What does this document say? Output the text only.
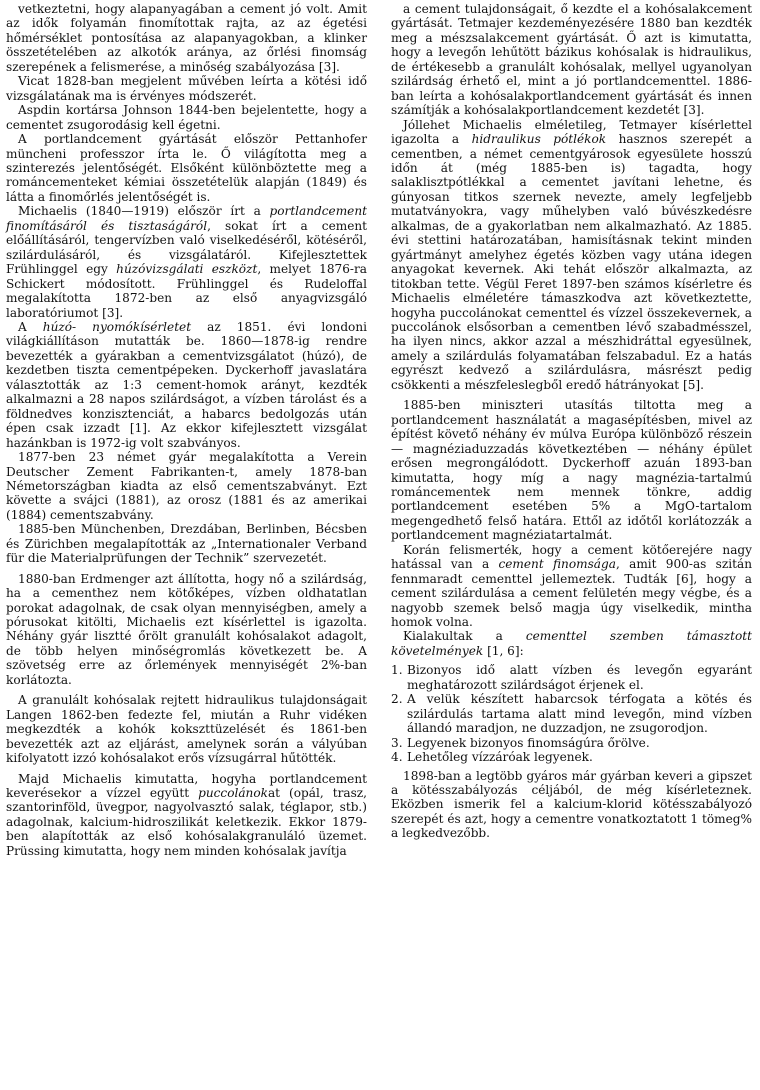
vetkeztetni, hogy alapanyagában a cement jó volt. Amit az idők folyamán finomítottak rajta, az az égetési hőmérséklet pontosítása az alapanyagokban, a klinker összetételében az alkotók aránya, az őrlési finomság szerepének a felismerése, a minőség szabályozása [3].

Vicat 1828-ban megjelent művében leírta a kötési idő vizsgálatának ma is érvényes módszerét.

Aspdin kortársa Johnson 1844-ben bejelentette, hogy a cementet zsugorodásig kell égetni.

A portlandcement gyártását először Pettanhofer müncheni professzor írta le. Ő világította meg a szinterezés jelentőségét. Elsőként különböztette meg a románcementeket kémiai összetételük alapján (1849) és látta a finomőrlés jelentőségét is.

Michaelis (1840—1919) először írt a portlandcement finomításáról és tisztaságáról, sokat írt a cement előállításáról, tengervízben való viselkedéséről, kötéséről, szilárdulásáról, és vizsgálatáról. Kifejlesztettek Frühlinggel egy húzóvizsgálati eszközt, melyet 1876-ra Schickert módosított. Frühlinggel és Rudeloffal megalakította 1872-ben az első anyagvizsgáló laboratóriumot [3].

A húzó- nyomókísérletet az 1851. évi londoni világkiállításon mutatták be. 1860—1878-ig rendre bevezették a gyárakban a cementvizsgálatot (húzó), de kezdetben tiszta cementpépeken. Dyckerhoff javaslatára választották az 1:3 cement-homok arányt, kezdték alkalmazni a 28 napos szilárdságot, a vízben tárolást és a földnedves konzisztenciát, a habarcs bedolgozás után épen csak izzadt [1]. Az ekkor kifejlesztett vizsgálat hazánkban is 1972-ig volt szabványos.

1877-ben 23 német gyár megalakította a Verein Deutscher Zement Fabrikanten-t, amely 1878-ban Németországban kiadta az első cementszabványt. Ezt követte a svájci (1881), az orosz (1881 és az amerikai (1884) cementszabvány.

1885-ben Münchenben, Drezdában, Berlinben, Bécsben és Zürichben megalapították az „Internationaler Verband für die Materialprüfungen der Technik” szervezetét.

1880-ban Erdmenger azt állította, hogy nő a szilárdság, ha a cementhez nem kötőképes, vízben oldhatatlan porokat adagolnak, de csak olyan mennyiségben, amely a pórusokat kitölti, Michaelis ezt kísérlettel is igazolta. Néhány gyár lisztté őrölt granulált kohósalakot adagolt, de több helyen minőségromlás következett be. A szövetség erre az őrlemények mennyiségét 2%-ban korlátozta.

A granulált kohósalak rejtett hidraulikus tulajdonságait Langen 1862-ben fedezte fel, miután a Ruhr vidéken megkezdték a kohók kokszttüzelését és 1861-ben bevezették azt az eljárást, amelynek során a vályúban kifolyatott izzó kohósalakot erős vízsugárral hűtötték.

Majd Michaelis kimutatta, hogyha portlandcement keverésekor a vízzel együtt puccolánokat (opál, trasz, szantorinföld, üvegpor, nagyolvasztó salak, téglapor, stb.) adagolnak, kalcium-hidroszilikát keletkezik. Ekkor 1879-ben alapították az első kohósalakgranuláló üzemet. Prüssing kimutatta, hogy nem minden kohósalak javítja

a cement tulajdonságait, ő kezdte el a kohósalakcement gyártását. Tetmajer kezdeményezésére 1880 ban kezdték meg a mészsalakcement gyártását. Ő azt is kimutatta, hogy a levegőn lehűtött bázikus kohósalak is hidraulikus, de értékesebb a granulált kohósalak, mellyel ugyanolyan szilárdság érhető el, mint a jó portlandcementtel. 1886-ban leírta a kohósalakportlandcement gyártását és innen számítják a kohósalakportlandcement kezdetét [3].

Jóllehet Michaelis elméletileg, Tetmayer kísérlettel igazolta a hidraulikus pótlékok hasznos szerepét a cementben, a német cementgyárosok egyesülete hosszú időn át (még 1885-ben is) tagadta, hogy salaklisztpótlékkal a cementet javítani lehetne, és gúnyosan titkos szernek nevezte, amely legfeljebb mutatványokra, vagy műhelyben való búvészkedésre alkalmas, de a gyakorlatban nem alkalmazható. Az 1885. évi stettini határozatában, hamisításnak tekint minden gyártmányt amelyhez égetés közben vagy utána idegen anyagokat kevernek. Aki tehát először alkalmazta, az titokban tette. Végül Feret 1897-ben számos kísérletre és Michaelis elméletére támaszkodva azt következtette, hogyha puccolánokat cementtel és vízzel összekevernek, a puccolánok elsősorban a cementben lévő szabadmésszel, ha ilyen nincs, akkor azzal a mészhidráttal egyesülnek, amely a szilárdulás folyamatában felszabadul. Ez a hatás egyrészt kedvező a szilárdulásra, másrészt pedig csökkenti a mészfeleslegből eredő hátrányokat [5].

1885-ben miniszteri utasítás tiltotta meg a portlandcement használatát a magasépítésben, mivel az építést követő néhány év múlva Európa különböző részein — magnéziaduzzadás következtében — néhány épület erősen megrongálódott. Dyckerhoff azuán 1893-ban kimutatta, hogy míg a nagy magnézia-tartalmú románcementek nem mennek tönkre, addig portlandcement esetében 5% a MgO-tartalom megengedhető felső határa. Ettől az időtől korlátozzák a portlandcement magnéziatartalmát.

Korán felismerték, hogy a cement kötőerejére nagy hatással van a cement finomsága, amit 900-as szitán fennmaradt cementtel jellemeztek. Tudták [6], hogy a cement szilárdulása a cement felületén megy végbe, és a nagyobb szemek belső magja úgy viselkedik, mintha homok volna.

Kialakultak a cementtel szemben támasztott követelmények [1, 6]:

1. Bizonyos idő alatt vízben és levegőn egyaránt meghatározott szilárdságot érjenek el.
2. A velük készített habarcsok térfogata a kötés és szilárdulás tartama alatt mind levegőn, mind vízben állandó maradjon, ne duzzadjon, ne zsugorodjon.
3. Legyenek bizonyos finomságúra őrölve.
4. Lehetőleg vízzáróak legyenek.

1898-ban a legtöbb gyáros már gyárban keveri a gipszet a kötésszabályozás céljából, de még kísérleteznek. Eközben ismerik fel a kalcium-klorid kötésszabályozó szerepét és azt, hogy a cementre vonatkoztatott 1 tömeg% a legkedvezőbb.
